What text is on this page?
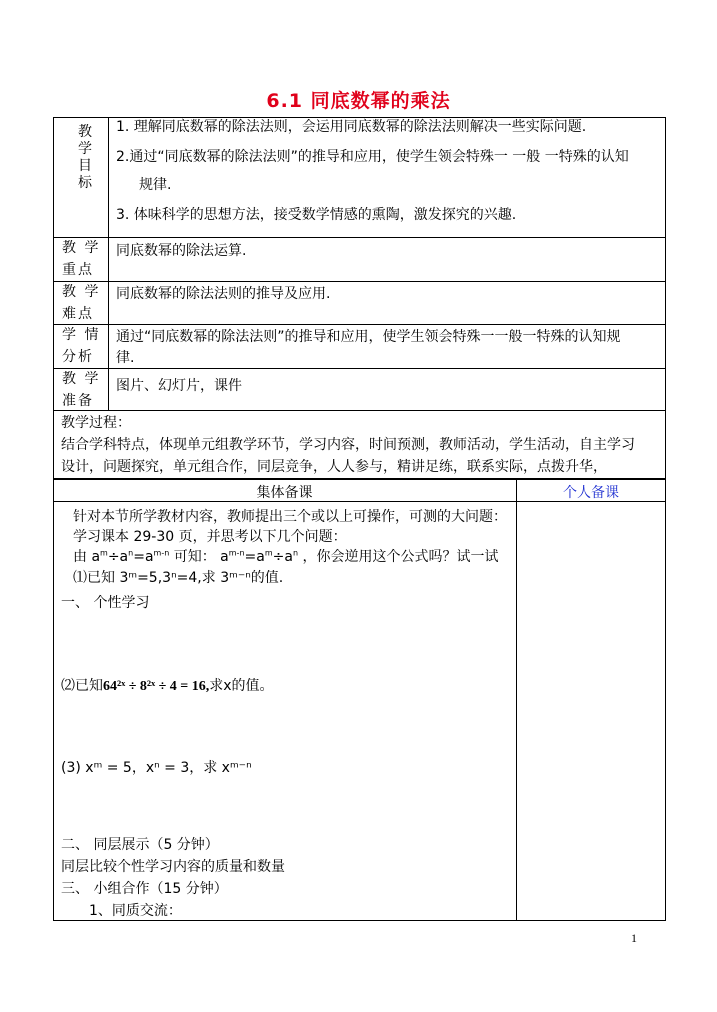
6.1 同底数幂的乘法
教学目标
1. 理解同底数幂的除法法则，会运用同底数幂的除法法则解决一些实际问题.
2.通过“同底数幂的除法法则”的推导和应用，使学生领会特殊一 一般 一特殊的认知
规律.
3. 体味科学的思想方法，接受数学情感的熏陶，激发探究的兴趣.
教 学
重点
同底数幂的除法运算.
教 学
难点
同底数幂的除法法则的推导及应用.
学 情
分析
通过“同底数幂的除法法则”的推导和应用，使学生领会特殊一一般一特殊的认知规
律.
教 学
准备
图片、幻灯片，课件
教学过程：
结合学科特点，体现单元组教学环节，学习内容，时间预测，教师活动，学生活动，自主学习
设计，问题探究，单元组合作，同层竞争，人人参与，精讲足练，联系实际，点拨升华，
集体备课	个人备课
针对本节所学教材内容，教师提出三个或以上可操作，可测的大问题：
学习课本 29-30 页，并思考以下几个问题：
由 $a^m\div a^n=a^{m-n}$ 可知： $a^{m-n}=a^m\div a^n$ ，你会逆用这个公式吗？试一试
⑴已知 3ᵐ=5,3ⁿ=4,求 3ᵐ⁻ⁿ的值.
一、 个性学习
⑵已知64²ˣ ÷ 8²ˣ ÷ 4 = 16,求x的值。
(3) xᵐ = 5，xⁿ = 3，求 xᵐ⁻ⁿ
二、 同层展示（5 分钟）
同层比较个性学习内容的质量和数量
三、 小组合作（15 分钟）
1、同质交流：
1
